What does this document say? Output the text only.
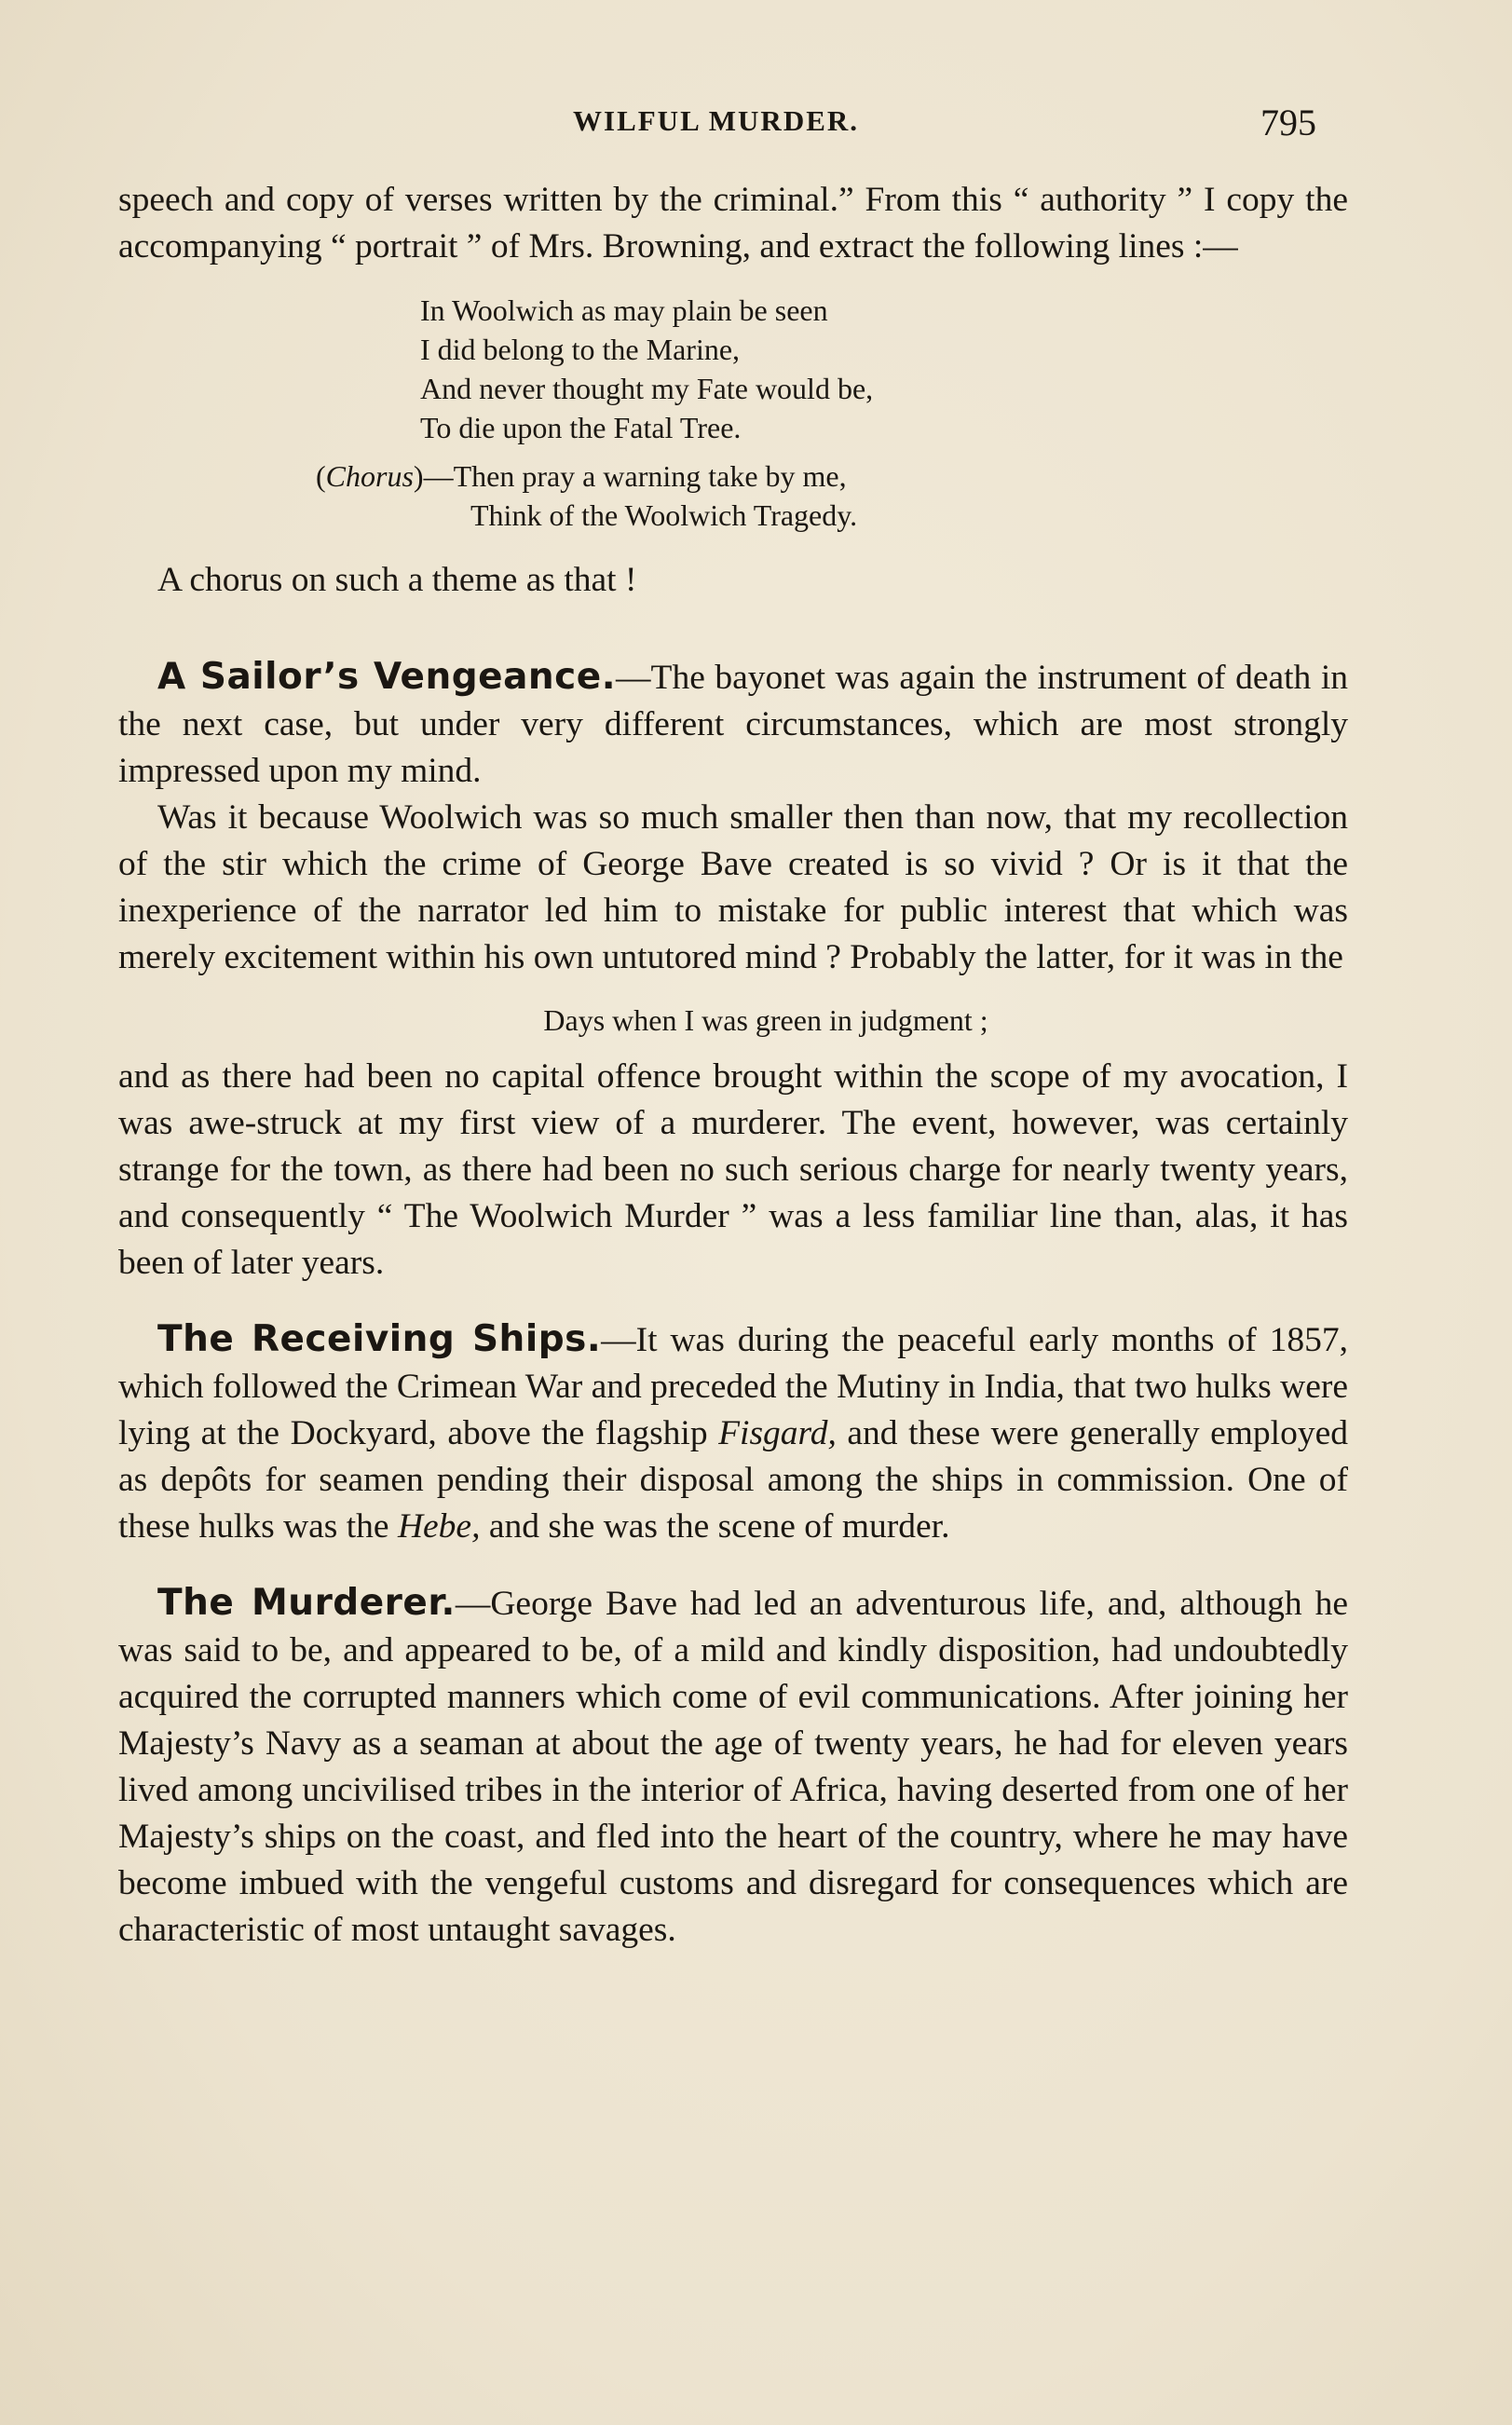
WILFUL MURDER.	795

speech and copy of verses written by the criminal.” From this “ authority ” I copy the accompanying “ portrait ” of Mrs. Browning, and extract the following lines :—

In Woolwich as may plain be seen
I did belong to the Marine,
And never thought my Fate would be,
To die upon the Fatal Tree.
(Chorus)—Then pray a warning take by me,
Think of the Woolwich Tragedy.

A chorus on such a theme as that !

A Sailor’s Vengeance.—The bayonet was again the instrument of death in the next case, but under very different circumstances, which are most strongly impressed upon my mind.

Was it because Woolwich was so much smaller then than now, that my recollection of the stir which the crime of George Bave created is so vivid ? Or is it that the inexperience of the narrator led him to mistake for public interest that which was merely excitement within his own untutored mind ? Probably the latter, for it was in the

Days when I was green in judgment ;

and as there had been no capital offence brought within the scope of my avocation, I was awe-struck at my first view of a murderer. The event, however, was certainly strange for the town, as there had been no such serious charge for nearly twenty years, and consequently “ The Woolwich Murder ” was a less familiar line than, alas, it has been of later years.

The Receiving Ships.—It was during the peaceful early months of 1857, which followed the Crimean War and preceded the Mutiny in India, that two hulks were lying at the Dockyard, above the flagship Fisgard, and these were generally employed as depôts for seamen pending their disposal among the ships in commission. One of these hulks was the Hebe, and she was the scene of murder.

The Murderer.—George Bave had led an adventurous life, and, although he was said to be, and appeared to be, of a mild and kindly disposition, had undoubtedly acquired the corrupted manners which come of evil communications. After joining her Majesty’s Navy as a seaman at about the age of twenty years, he had for eleven years lived among uncivilised tribes in the interior of Africa, having deserted from one of her Majesty’s ships on the coast, and fled into the heart of the country, where he may have become imbued with the vengeful customs and disregard for consequences which are characteristic of most untaught savages.
